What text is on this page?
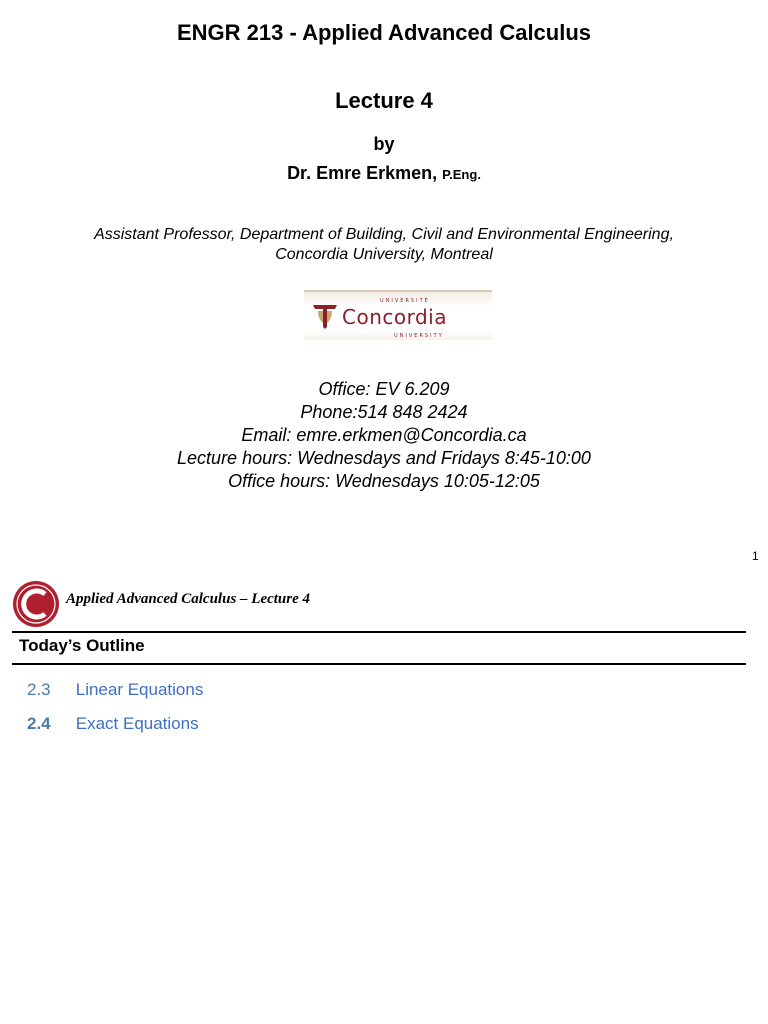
ENGR 213 - Applied Advanced Calculus
Lecture 4
by
Dr. Emre Erkmen, P.Eng.
Assistant Professor, Department of Building, Civil and Environmental Engineering,
Concordia University, Montreal
UNIVERSITÉ
Concordia
UNIVERSITY
Office: EV 6.209
Phone:514 848 2424
Email: emre.erkmen@Concordia.ca
Lecture hours: Wednesdays and Fridays 8:45-10:00
Office hours: Wednesdays 10:05-12:05
1
Applied Advanced Calculus – Lecture 4
Today’s Outline
2.3 Linear Equations
2.4 Exact Equations
